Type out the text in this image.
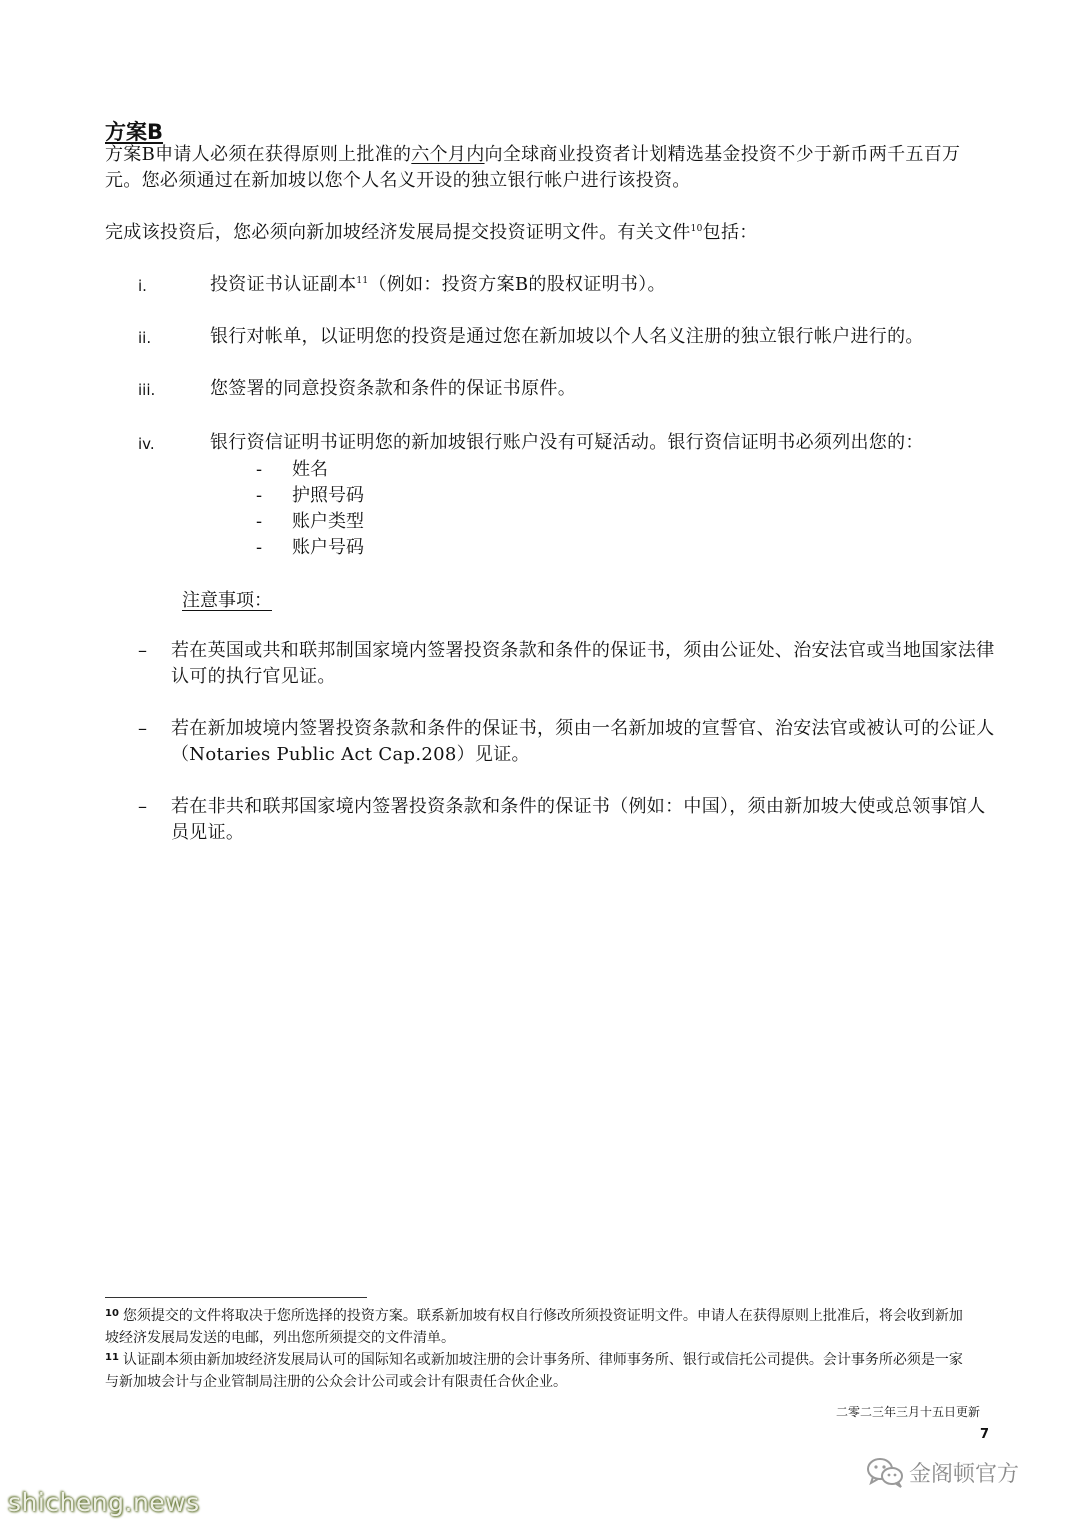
方案B
方案B申请人必须在获得原则上批准的六个月内向全球商业投资者计划精选基金投资不少于新币两千五百万元。您必须通过在新加坡以您个人名义开设的独立银行帐户进行该投资。
完成该投资后，您必须向新加坡经济发展局提交投资证明文件。有关文件$^{10}$包括：
i.	投资证书认证副本$^{11}$（例如：投资方案B的股权证明书）。
ii.	银行对帐单，以证明您的投资是通过您在新加坡以个人名义注册的独立银行帐户进行的。
iii.	您签署的同意投资条款和条件的保证书原件。
iv.	银行资信证明书证明您的新加坡银行账户没有可疑活动。银行资信证明书必须列出您的：
- 姓名
- 护照号码
- 账户类型
- 账户号码
注意事项：
– 若在英国或共和联邦制国家境内签署投资条款和条件的保证书，须由公证处、治安法官或当地国家法律认可的执行官见证。
– 若在新加坡境内签署投资条款和条件的保证书，须由一名新加坡的宣誓官、治安法官或被认可的公证人（Notaries Public Act Cap.208）见证。
– 若在非共和联邦国家境内签署投资条款和条件的保证书（例如：中国），须由新加坡大使或总领事馆人员见证。
$^{10}$ 您须提交的文件将取决于您所选择的投资方案。联系新加坡有权自行修改所须投资证明文件。申请人在获得原则上批准后，将会收到新加坡经济发展局发送的电邮，列出您所须提交的文件清单。
$^{11}$ 认证副本须由新加坡经济发展局认可的国际知名或新加坡注册的会计事务所、律师事务所、银行或信托公司提供。会计事务所必须是一家与新加坡会计与企业管制局注册的公众会计公司或会计有限责任合伙企业。
二零二三年三月十五日更新
7
shicheng.news
金阁顿官方
